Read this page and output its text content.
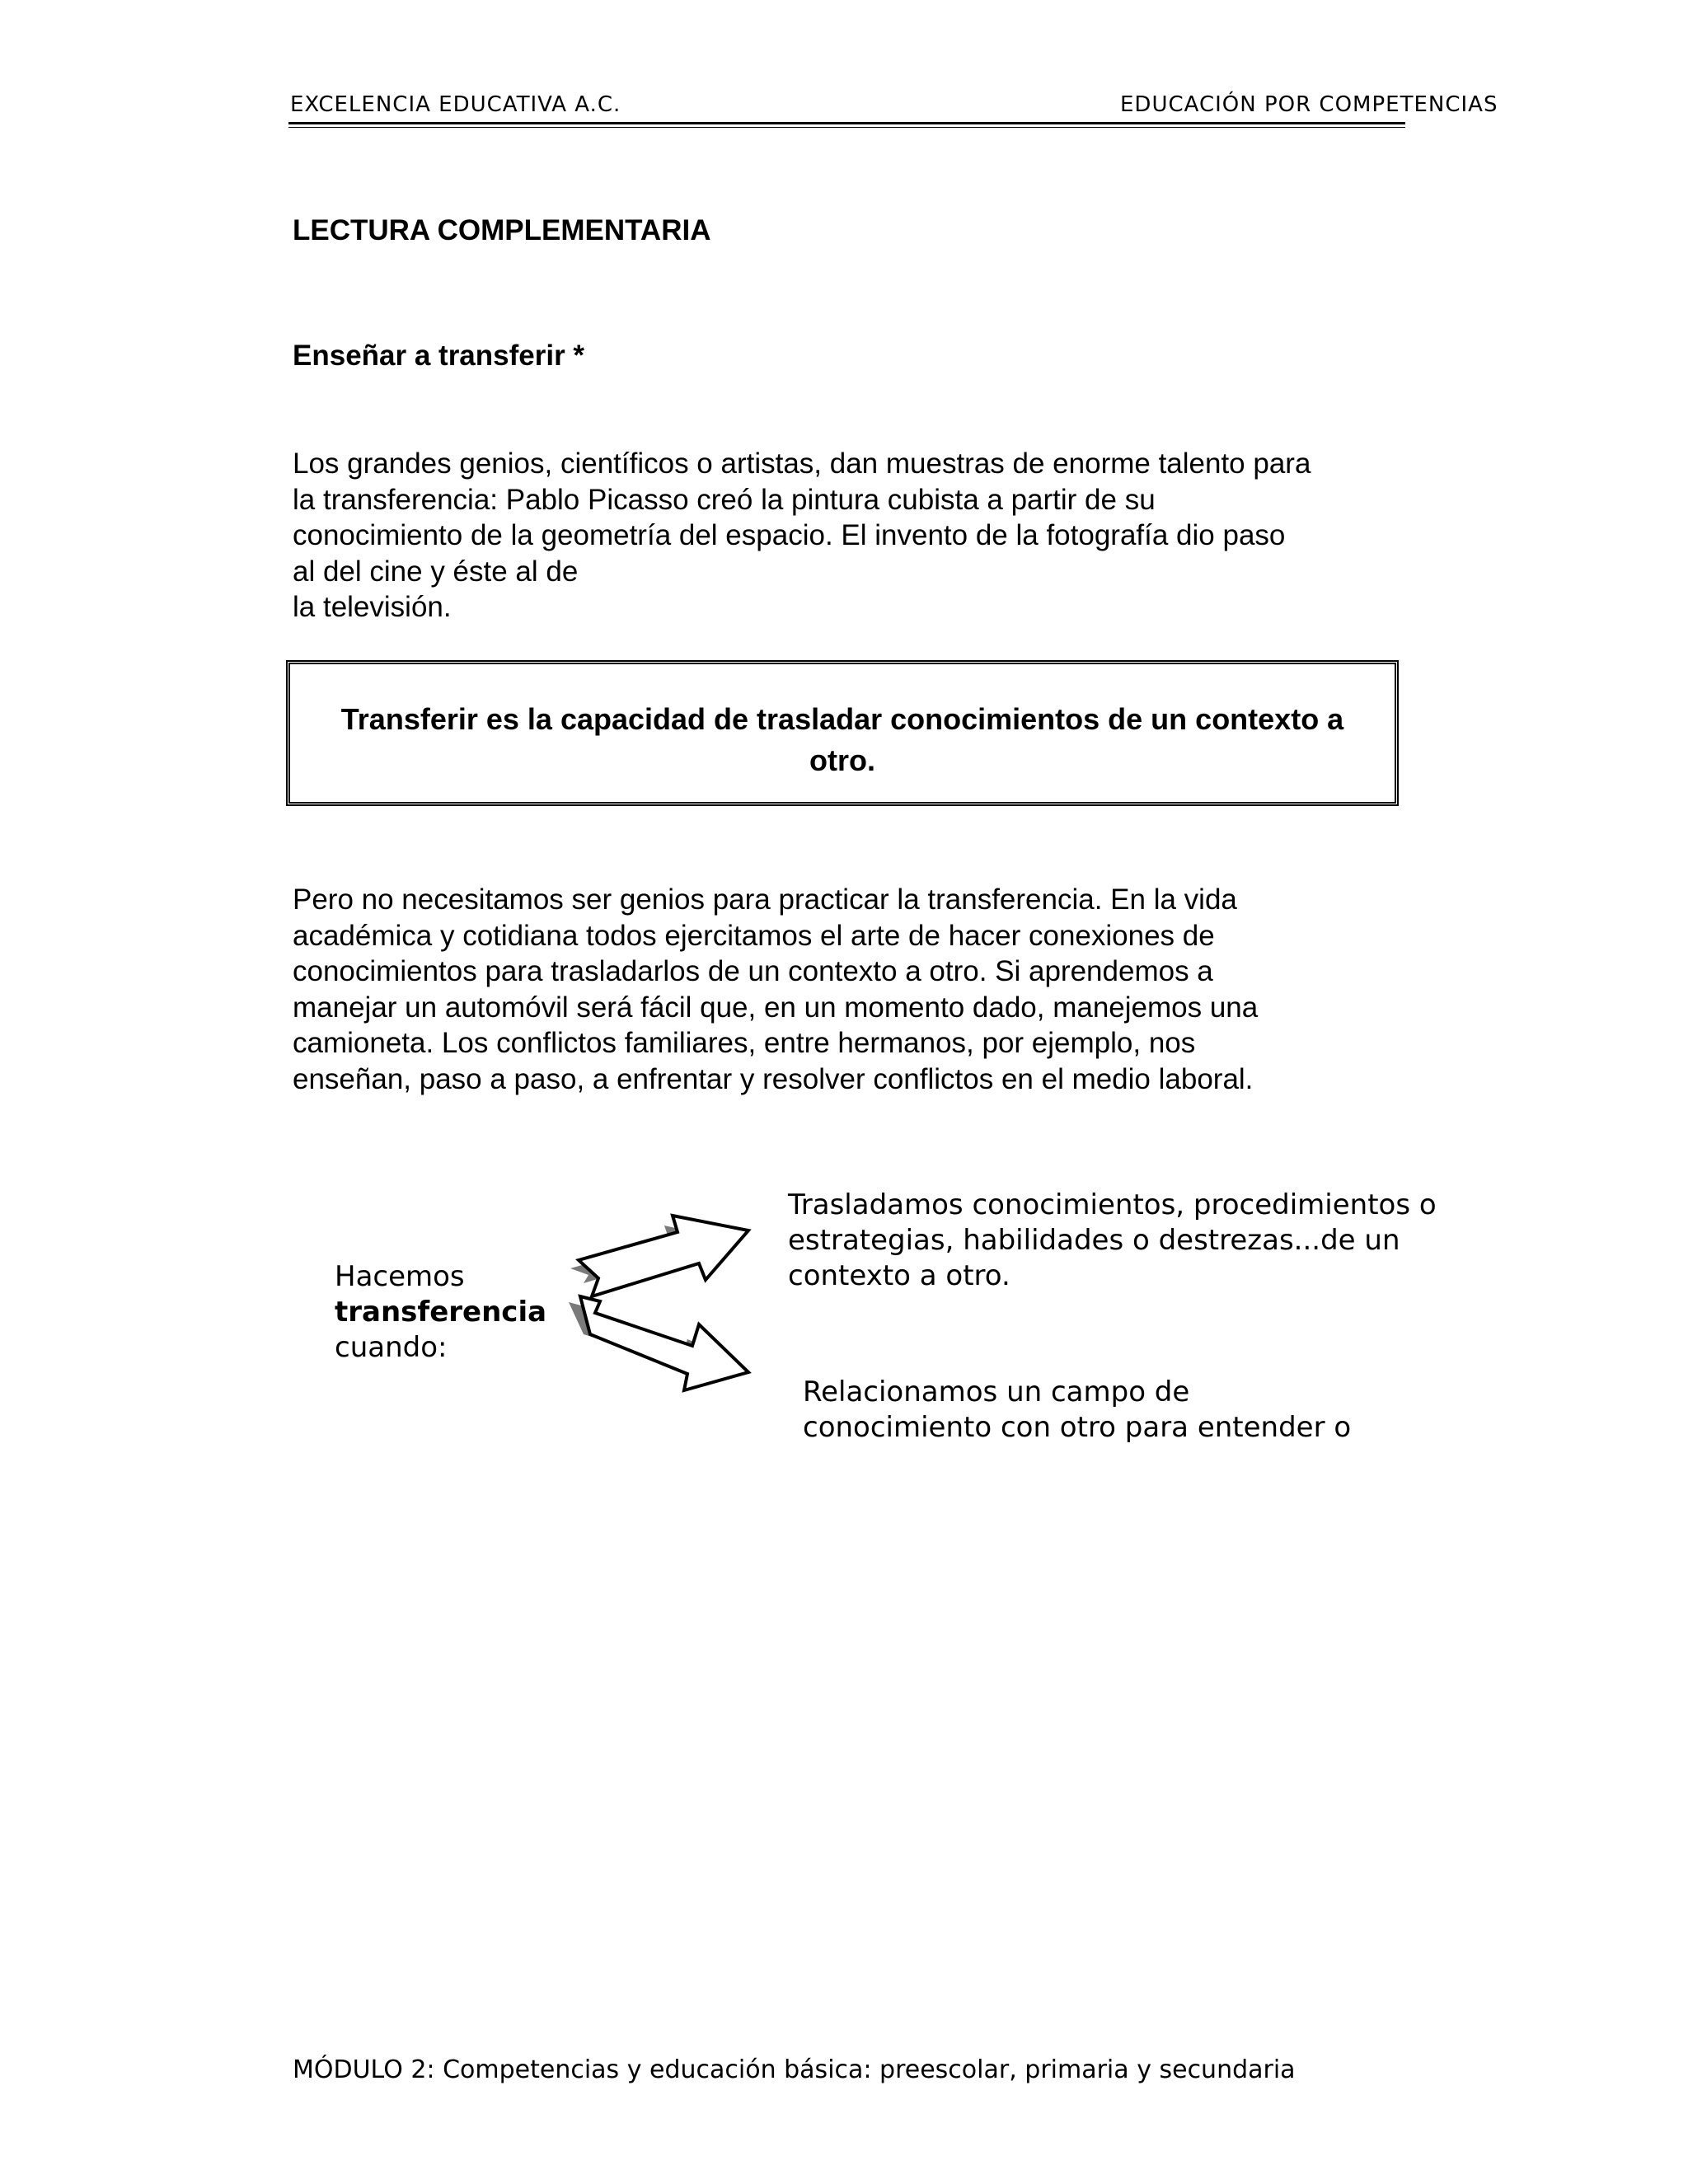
EXCELENCIA EDUCATIVA A.C.	EDUCACIÓN POR COMPETENCIAS
LECTURA COMPLEMENTARIA
Enseñar a transferir *
Los grandes genios, científicos o artistas, dan muestras de enorme talento para
la transferencia: Pablo Picasso creó la pintura cubista a partir de su
conocimiento de la geometría del espacio. El invento de la fotografía dio paso
al del cine y éste al de
la televisión.
Transferir es la capacidad de trasladar conocimientos de un contexto a
otro.
Pero no necesitamos ser genios para practicar la transferencia. En la vida
académica y cotidiana todos ejercitamos el arte de hacer conexiones de
conocimientos para trasladarlos de un contexto a otro. Si aprendemos a
manejar un automóvil será fácil que, en un momento dado, manejemos una
camioneta. Los conflictos familiares, entre hermanos, por ejemplo, nos
enseñan, paso a paso, a enfrentar y resolver conflictos en el medio laboral.
Hacemos
transferencia
cuando:
Trasladamos conocimientos, procedimientos o
estrategias, habilidades o destrezas...de un
contexto a otro.
Relacionamos un campo de
conocimiento con otro para entender o
MÓDULO 2: Competencias y educación básica: preescolar, primaria y secundaria
